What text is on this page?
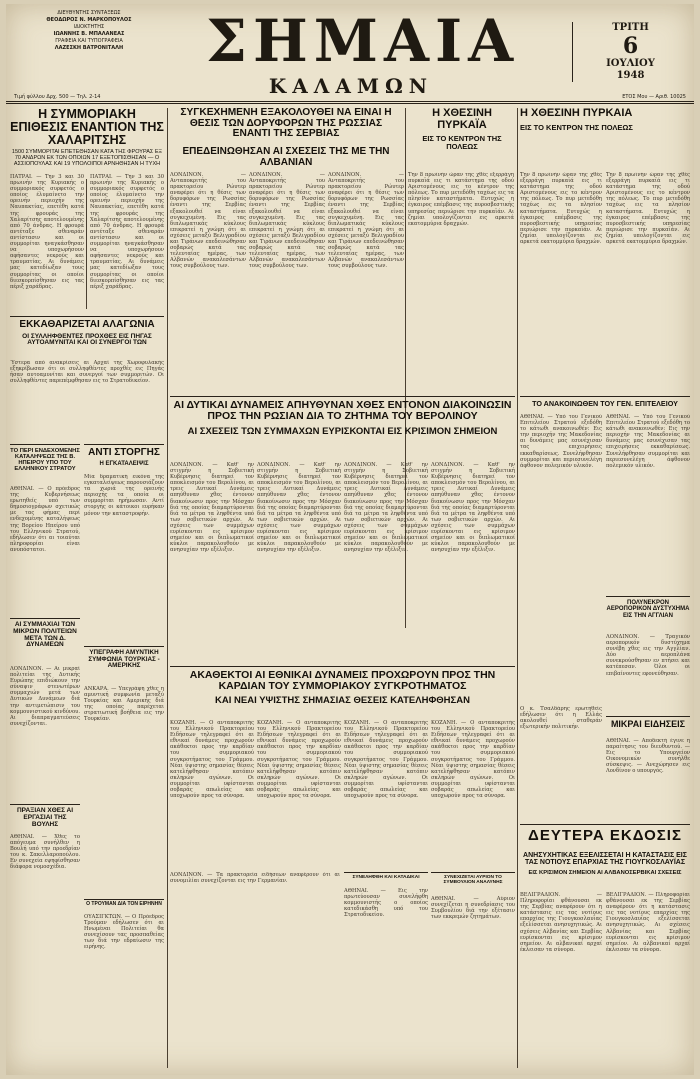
ΔΙΕΥΘΥΝΤΗΣ ΣΥΝΤΑΞΕΩΣ
ΘΕΟΔΩΡΟΣ Ν. ΜΑΡΚΟΠΟΥΛΟΣ
ΙΔΙΟΚΤΗΤΗΣ
ΙΩΑΝΝΗΣ Β. ΜΠΑΛΑΝΕΑΣ
ΓΡΑΦΕΙΑ ΚΑΙ ΤΥΠΟΓΡΑΦΕΙΑ
ΛΑΖΕΣΚΗ ΒΑΤΡΟΝΙΤΑΛΗ	ΣΗΜΑΙΑ
ΚΑΛΑΜΩΝ
ΤΡΙΤΗ
6
ΙΟΥΛΙΟΥ
1948
Τιμή φύλλου Δρχ. 500 — Τηλ. 2-14	ΕΤΟΣ Μου — Αριθ. 10025
Η ΣΥΜΜΟΡΙΑΚΗ ΕΠΙΘΕΣΙΣ ΕΝΑΝΤΙΟΝ ΤΗΣ ΧΑΛΑΡΙΤΣΗΣ
1500 ΣΥΜΜΟΡΙΤΑΙ ΕΠΕΤΕΘΗΣΑΝ ΚΑΤΑ ΤΗΣ ΦΡΟΥΡΑΣ ΕΞ 70 ΑΝΔΡΩΝ ΕΚ ΤΩΝ ΟΠΟΙΩΝ 17 ΕΞΕΤΟΠΙΣΘΗΣΑΝ — Ο ΑΣΣΙΟΠΟΥΛΑΣ ΚΑΙ 19 ΥΠΟΛΟΙΠΟΙ ΑΡΝΗΘΗΣΑΝ Η ΤΥΧΗ
ΠΑΤΡΑΙ. — Την 3 και 30 πρωινήν της Κυριακής ο συμμοριακός συρφετός ο οποίος έλυμαίνετο την ορεινήν περιοχήν της Ναυπακτίας, επετέθη κατά της φρουράς της Χαλαρίτσης αποτελουμένης από 70 άνδρας. Η φρουρά αντέταξε σθεναράν αντίστασιν και οι συμμορίται ηναγκάσθησαν να υποχωρήσουν αφήσαντες νεκρούς και τραυματίας. Αι δυνάμεις μας κατεδίωξαν τους συμμορίτας οι οποίοι διεσκορπίσθησαν εις τας πέριξ χαράδρας.
ΠΑΤΡΑΙ. — Την 3 και 30 πρωινήν της Κυριακής ο συμμοριακός συρφετός ο οποίος έλυμαίνετο την ορεινήν περιοχήν της Ναυπακτίας, επετέθη κατά της φρουράς της Χαλαρίτσης αποτελουμένης από 70 άνδρας. Η φρουρά αντέταξε σθεναράν αντίστασιν και οι συμμορίται ηναγκάσθησαν να υποχωρήσουν αφήσαντες νεκρούς και τραυματίας. Αι δυνάμεις μας κατεδίωξαν τους συμμορίτας οι οποίοι διεσκορπίσθησαν εις τας πέριξ χαράδρας.
ΕΚΚΑΘΑΡΙΖΕΤΑΙ ΑΛΑΓΩΝΙΑ
ΟΙ ΣΥΛΛΗΦΘΕΝΤΕΣ ΠΡΟΧΘΕΣ ΕΙΣ ΠΗΓΑΣ ΑΥΤΟΑΜΥΝΙΤΑΙ ΚΑΙ ΟΙ ΣΥΝΕΡΓΟΙ ΤΩΝ
Ύστερα από ανακρίσεις αι Αρχαί της Χωροφυλακής εξηκρίβωσαν ότι οι συλληφθέντες προχθές εις Πηγάς ήσαν αυτοαμυνίται και συνεργοί των συμμοριτών. Οι συλληφθέντες παρεπέμφθησαν εις το Στρατοδικείον.
ΤΟ ΠΕΡΙ ΕΝΔΕΧΟΜΕΝΗΣ ΚΑΤΑΛΗΨΕΩΣ ΤΗΣ Β. ΗΠΕΙΡΟΥ ΥΠΟ ΤΟΥ ΕΛΛΗΝΙΚΟΥ ΣΤΡΑΤΟΥ
ΑΘΗΝΑΙ. — Ο πρόεδρος της Κυβερνήσεως ερωτηθείς υπό των δημοσιογράφων σχετικώς με τας φήμας περί ενδεχομένης καταλήψεως της Βορείου Ηπείρου υπό του Ελληνικού Στρατού, εδήλωσεν ότι αι τοιαύται πληροφορίαι είναι ανυπόστατοι.
ΑΝΤΙ ΣΤΟΡΓΗΣ
Η ΕΓΚΑΤΑΛΕΙΨΙΣ
Μία δραματική εικόνα της εγκαταλείψεως παρουσιάζουν τα χωριά της ορεινής περιοχής τα οποία οι συμμορίται ηρήμωσαν. Αντί στοργής οι κάτοικοι ευρήκαν μόνον την καταστροφήν.
ΑΙ ΣΥΜΜΑΧΙΑΙ ΤΩΝ ΜΙΚΡΩΝ ΠΟΛΙΤΕΙΩΝ ΜΕΤΑ ΤΩΝ Δ. ΔΥΝΑΜΕΩΝ
ΛΟΝΔΙΝΟΝ. — Αι μικραί πολιτείαι της Δυτικής Ευρώπης επιδιώκουν την σύναψιν στενωτέρων συμμαχιών μετά των Δυτικών Δυνάμεων διά την αντιμετώπισιν του κομμουνιστικού κινδύνου. Αι διαπραγματεύσεις συνεχίζονται.
ΠΡΑΞΙΑΝ ΧΘΕΣ ΑΙ ΕΡΓΑΣΙΑΙ ΤΗΣ ΒΟΥΛΗΣ
ΑΘΗΝΑΙ. — Χθες το απόγευμα συνήλθεν η Βουλή υπό την προεδρίαν του κ. Σακελλαροπούλου. Εν συνεχεία εψηφίσθησαν διάφορα νομοσχέδια.
ΥΠΕΓΡΑΦΗ ΑΜΥΝΤΙΚΗ ΣΥΜΦΩΝΙΑ ΤΟΥΡΚΙΑΣ - ΑΜΕΡΙΚΗΣ
ΑΝΚΑΡΑ. — Υπεγράφη χθες η αμυντική συμφωνία μεταξύ Τουρκίας και Αμερικής διά της οποίας παρέχεται στρατιωτική βοήθεια εις την Τουρκίαν.
Ο ΤΡΟΥΜΑΝ ΔΙΑ ΤΟΝ ΕΙΡΗΝΗΝ
ΟΥΑΣΙΓΚΤΩΝ. — Ο Πρόεδρος Τρούμαν εδήλωσεν ότι αι Ηνωμέναι Πολιτείαι θα συνεχίσουν τας προσπαθείας των διά την εδραίωσιν της ειρήνης.
ΣΥΓΚΕΧΗΜΕΝΗ ΕΞΑΚΟΛΟΥΘΕΙ ΝΑ ΕΙΝΑΙ Η ΘΕΣΙΣ ΤΩΝ ΔΟΡΥΦΟΡΩΝ ΤΗΣ ΡΩΣΣΙΑΣ ΕΝΑΝΤΙ ΤΗΣ ΣΕΡΒΙΑΣ
ΕΠΕΔΕΙΝΩΘΗΣΑΝ ΑΙ ΣΧΕΣΕΙΣ ΤΗΣ ΜΕ ΤΗΝ ΑΛΒΑΝΙΑΝ
ΛΟΝΔΙΝΟΝ. — Ανταποκριτής του πρακτορείου Ρώυτερ αναφέρει ότι η θέσις των δορυφόρων της Ρωσσίας έναντι της Σερβίας εξακολουθεί να είναι συγκεχυμένη. Εις τας διπλωματικάς κύκλους επικρατεί η γνώμη ότι αι σχέσεις μεταξύ Βελιγραδίου και Τιράνων επεδεινώθησαν σοβαρώς κατά τας τελευταίας ημέρας, των Αλβανών ανακαλεσάντων τους συμβούλους των.
ΛΟΝΔΙΝΟΝ. — Ανταποκριτής του πρακτορείου Ρώυτερ αναφέρει ότι η θέσις των δορυφόρων της Ρωσσίας έναντι της Σερβίας εξακολουθεί να είναι συγκεχυμένη. Εις τας διπλωματικάς κύκλους επικρατεί η γνώμη ότι αι σχέσεις μεταξύ Βελιγραδίου και Τιράνων επεδεινώθησαν σοβαρώς κατά τας τελευταίας ημέρας, των Αλβανών ανακαλεσάντων τους συμβούλους των.
ΛΟΝΔΙΝΟΝ. — Ανταποκριτής του πρακτορείου Ρώυτερ αναφέρει ότι η θέσις των δορυφόρων της Ρωσσίας έναντι της Σερβίας εξακολουθεί να είναι συγκεχυμένη. Εις τας διπλωματικάς κύκλους επικρατεί η γνώμη ότι αι σχέσεις μεταξύ Βελιγραδίου και Τιράνων επεδεινώθησαν σοβαρώς κατά τας τελευταίας ημέρας, των Αλβανών ανακαλεσάντων τους συμβούλους των.
Η ΧΘΕΣΙΝΗ ΠΥΡΚΑΪΑ
ΕΙΣ ΤΟ ΚΕΝΤΡΟΝ ΤΗΣ ΠΟΛΕΩΣ
Η ΧΘΕΣΙΝΗ ΠΥΡΚΑΪΑ
ΕΙΣ ΤΟ ΚΕΝΤΡΟΝ ΤΗΣ ΠΟΛΕΩΣ
Την 8 πρωϊνήν ώραν της χθές εξερράγη πυρκαϊά εις τι κατάστημα της οδού Αριστομένους εις το κέντρον της πόλεως. Το πυρ μετεδόθη ταχέως εις τα πλησίον καταστήματα. Ευτυχώς η έγκαιρος επέμβασις της πυροσβεστικής υπηρεσίας περιώρισε την πυρκαϊάν. Αι ζημίαι υπολογίζονται εις αρκετά εκατομμύρια δραχμών.
Την 8 πρωϊνήν ώραν της χθές εξερράγη πυρκαϊά εις τι κατάστημα της οδού Αριστομένους εις το κέντρον της πόλεως. Το πυρ μετεδόθη ταχέως εις τα πλησίον καταστήματα. Ευτυχώς η έγκαιρος επέμβασις της πυροσβεστικής υπηρεσίας περιώρισε την πυρκαϊάν. Αι ζημίαι υπολογίζονται εις αρκετά εκατομμύρια δραχμών.
Την 8 πρωϊνήν ώραν της χθές εξερράγη πυρκαϊά εις τι κατάστημα της οδού Αριστομένους εις το κέντρον της πόλεως. Το πυρ μετεδόθη ταχέως εις τα πλησίον καταστήματα. Ευτυχώς η έγκαιρος επέμβασις της πυροσβεστικής υπηρεσίας περιώρισε την πυρκαϊάν. Αι ζημίαι υπολογίζονται εις αρκετά εκατομμύρια δραχμών.
ΑΙ ΔΥΤΙΚΑΙ ΔΥΝΑΜΕΙΣ ΑΠΗΥΘΥΝΑΝ ΧΘΕΣ ΕΝΤΟΝΟΝ ΔΙΑΚΟΙΝΩΣΙΝ ΠΡΟΣ ΤΗΝ ΡΩΣΙΑΝ ΔΙΑ ΤΟ ΖΗΤΗΜΑ ΤΟΥ ΒΕΡΟΛΙΝΟΥ
ΑΙ ΣΧΕΣΕΙΣ ΤΩΝ ΣΥΜΜΑΧΩΝ ΕΥΡΙΣΚΟΝΤΑΙ ΕΙΣ ΚΡΙΣΙΜΟΝ ΣΗΜΕΙΟΝ
ΛΟΝΔΙΝΟΝ. — Καθ' ην στιγμήν η Σοβιετική Κυβέρνησις διατηρεί τον αποκλεισμόν του Βερολίνου, αι τρεις Δυτικαί Δυνάμεις απηύθυναν χθες έντονον διακοίνωσιν προς την Μόσχαν διά της οποίας διαμαρτύρονται διά τα μέτρα τα ληφθέντα υπό των σοβιετικών αρχών. Αι σχέσεις των συμμάχων ευρίσκονται εις κρίσιμον σημείον και οι διπλωματικοί κύκλοι παρακολουθούν με ανησυχίαν την εξέλιξιν.
ΛΟΝΔΙΝΟΝ. — Καθ' ην στιγμήν η Σοβιετική Κυβέρνησις διατηρεί τον αποκλεισμόν του Βερολίνου, αι τρεις Δυτικαί Δυνάμεις απηύθυναν χθες έντονον διακοίνωσιν προς την Μόσχαν διά της οποίας διαμαρτύρονται διά τα μέτρα τα ληφθέντα υπό των σοβιετικών αρχών. Αι σχέσεις των συμμάχων ευρίσκονται εις κρίσιμον σημείον και οι διπλωματικοί κύκλοι παρακολουθούν με ανησυχίαν την εξέλιξιν.
ΛΟΝΔΙΝΟΝ. — Καθ' ην στιγμήν η Σοβιετική Κυβέρνησις διατηρεί τον αποκλεισμόν του Βερολίνου, αι τρεις Δυτικαί Δυνάμεις απηύθυναν χθες έντονον διακοίνωσιν προς την Μόσχαν διά της οποίας διαμαρτύρονται διά τα μέτρα τα ληφθέντα υπό των σοβιετικών αρχών. Αι σχέσεις των συμμάχων ευρίσκονται εις κρίσιμον σημείον και οι διπλωματικοί κύκλοι παρακολουθούν με ανησυχίαν την εξέλιξιν.
ΛΟΝΔΙΝΟΝ. — Καθ' ην στιγμήν η Σοβιετική Κυβέρνησις διατηρεί τον αποκλεισμόν του Βερολίνου, αι τρεις Δυτικαί Δυνάμεις απηύθυναν χθες έντονον διακοίνωσιν προς την Μόσχαν διά της οποίας διαμαρτύρονται διά τα μέτρα τα ληφθέντα υπό των σοβιετικών αρχών. Αι σχέσεις των συμμάχων ευρίσκονται εις κρίσιμον σημείον και οι διπλωματικοί κύκλοι παρακολουθούν με ανησυχίαν την εξέλιξιν.
ΤΟ ΑΝΑΚΟΙΝΩΘΕΝ ΤΟΥ ΓΕΝ. ΕΠΙΤΕΛΕΙΟΥ
ΑΘΗΝΑΙ. — Υπό του Γενικού Επιτελείου Στρατού εξεδόθη το κάτωθι ανακοινωθέν: Εις την περιοχήν της Μακεδονίας αι δυνάμεις μας εσυνέχισαν τας επιχειρήσεις εκκαθαρίσεως. Συνελήφθησαν συμμορίται και περιεσυνελέγη άφθονον πολεμικόν υλικόν.
ΑΘΗΝΑΙ. — Υπό του Γενικού Επιτελείου Στρατού εξεδόθη το κάτωθι ανακοινωθέν: Εις την περιοχήν της Μακεδονίας αι δυνάμεις μας εσυνέχισαν τας επιχειρήσεις εκκαθαρίσεως. Συνελήφθησαν συμμορίται και περιεσυνελέγη άφθονον πολεμικόν υλικόν.
ΠΟΛΥΝΕΚΡΟΝ ΑΕΡΟΠΟΡΙΚΟΝ ΔΥΣΤΥΧΗΜΑ ΕΙΣ ΤΗΝ ΑΓΓΛΙΑΝ
ΛΟΝΔΙΝΟΝ. — Τραγικόν αεροπορικόν δυστύχημα συνέβη χθες εις την Αγγλίαν. Δύο αεροπλάνα συνεκρούσθησαν εν πτήσει και κατέπεσαν. Όλοι οι επιβαίνοντες εφονεύθησαν.
ΜΙΚΡΑΙ ΕΙΔΗΣΕΙΣ
ΑΘΗΝΑΙ. — Αποδεκτή έγινε η παραίτησις του διευθυντού. — Εις το Υπουργείον Οικονομικών συνήλθε σύσκεψις. — Ανεχώρησεν εις Λονδίνον ο υπουργός.
Ο κ. Τσαλδάρης ερωτηθείς εδήλωσεν ότι η Ελλάς ακολουθεί σταθεράν εξωτερικήν πολιτικήν.
ΑΚΑΘΕΚΤΟΙ ΑΙ ΕΘΝΙΚΑΙ ΔΥΝΑΜΕΙΣ ΠΡΟΧΩΡΟΥΝ ΠΡΟΣ ΤΗΝ ΚΑΡΔΙΑΝ ΤΟΥ ΣΥΜΜΟΡΙΑΚΟΥ ΣΥΓΚΡΟΤΗΜΑΤΟΣ
ΚΑΙ ΝΕΑΙ ΥΨΙΣΤΗΣ ΣΗΜΑΣΙΑΣ ΘΕΣΕΙΣ ΚΑΤΕΛΗΦΘΗΣΑΝ
ΚΟΖΑΝΗ. — Ο ανταποκριτής του Ελληνικού Πρακτορείου Ειδήσεων τηλεγραφεί ότι αι εθνικαί δυνάμεις προχωρούν ακάθεκτοι προς την καρδίαν του συμμοριακού συγκροτήματος του Γράμμου. Νέαι ύψιστης σημασίας θέσεις κατελήφθησαν κατόπιν σκληρών αγώνων. Οι συμμορίται υφίστανται σοβαράς απωλείας και υποχωρούν προς τα σύνορα.
ΚΟΖΑΝΗ. — Ο ανταποκριτής του Ελληνικού Πρακτορείου Ειδήσεων τηλεγραφεί ότι αι εθνικαί δυνάμεις προχωρούν ακάθεκτοι προς την καρδίαν του συμμοριακού συγκροτήματος του Γράμμου. Νέαι ύψιστης σημασίας θέσεις κατελήφθησαν κατόπιν σκληρών αγώνων. Οι συμμορίται υφίστανται σοβαράς απωλείας και υποχωρούν προς τα σύνορα.
ΚΟΖΑΝΗ. — Ο ανταποκριτής του Ελληνικού Πρακτορείου Ειδήσεων τηλεγραφεί ότι αι εθνικαί δυνάμεις προχωρούν ακάθεκτοι προς την καρδίαν του συμμοριακού συγκροτήματος του Γράμμου. Νέαι ύψιστης σημασίας θέσεις κατελήφθησαν κατόπιν σκληρών αγώνων. Οι συμμορίται υφίστανται σοβαράς απωλείας και υποχωρούν προς τα σύνορα.
ΚΟΖΑΝΗ. — Ο ανταποκριτής του Ελληνικού Πρακτορείου Ειδήσεων τηλεγραφεί ότι αι εθνικαί δυνάμεις προχωρούν ακάθεκτοι προς την καρδίαν του συμμοριακού συγκροτήματος του Γράμμου. Νέαι ύψιστης σημασίας θέσεις κατελήφθησαν κατόπιν σκληρών αγώνων. Οι συμμορίται υφίστανται σοβαράς απωλείας και υποχωρούν προς τα σύνορα.
ΣΥΝΕΛΗΦΘΗ ΚΑΙ ΚΑΤΑΔΙΚΑΙ
ΑΘΗΝΑΙ. — Εις την πρωτεύουσαν συνελήφθη κομμουνιστής ο οποίος κατεδικάσθη υπό του Στρατοδικείου.
ΣΥΝΕΧΙΖΕΤΑΙ ΑΥΡΙΟΝ ΤΟ ΣΥΜΒΟΥΛΙΟΝ ΑΝΑΛΥΝΗΣ
ΑΘΗΝΑΙ. — Αύριον συνεχίζεται η συνεδρίασις του Συμβουλίου διά την εξέτασιν των εκκρεμών ζητημάτων.
ΛΟΝΔΙΝΟΝ. — Τα πρακτορεία ειδήσεων αναφέρουν ότι αι συνομιλίαι συνεχίζονται εις την Γερμανίαν.
ΔΕΥΤΕΡΑ ΕΚΔΟΣΙΣ
ΑΝΗΣΥΧΗΤΙΚΑΣ ΕΞΕΛΙΣΣΕΤΑΙ Η ΚΑΤΑΣΤΑΣΙΣ ΕΙΣ ΤΑΣ ΝΟΤΙΟΥΣ ΕΠΑΡΧΙΑΣ ΤΗΣ ΓΙΟΥΓΚΟΣΛΑΥΪΑΣ
ΕΙΣ ΚΡΙΣΙΜΟΝ ΣΗΜΕΙΟΝ ΑΙ ΑΛΒΑΝΟΣΕΡΒΙΚΑΙ ΣΧΕΣΕΙΣ
ΒΕΛΙΓΡΑΔΙΟΝ. — Πληροφορίαι φθάνουσαι εκ της Σερβίας αναφέρουν ότι η κατάστασις εις τας νοτίους επαρχίας της Γιουγκοσλαυΐας εξελίσσεται ανησυχητικώς. Αι σχέσεις Αλβανίας και Σερβίας ευρίσκονται εις κρίσιμον σημείον. Αι αλβανικαί αρχαί έκλεισαν τα σύνορα.
ΒΕΛΙΓΡΑΔΙΟΝ. — Πληροφορίαι φθάνουσαι εκ της Σερβίας αναφέρουν ότι η κατάστασις εις τας νοτίους επαρχίας της Γιουγκοσλαυΐας εξελίσσεται ανησυχητικώς. Αι σχέσεις Αλβανίας και Σερβίας ευρίσκονται εις κρίσιμον σημείον. Αι αλβανικαί αρχαί έκλεισαν τα σύνορα.
